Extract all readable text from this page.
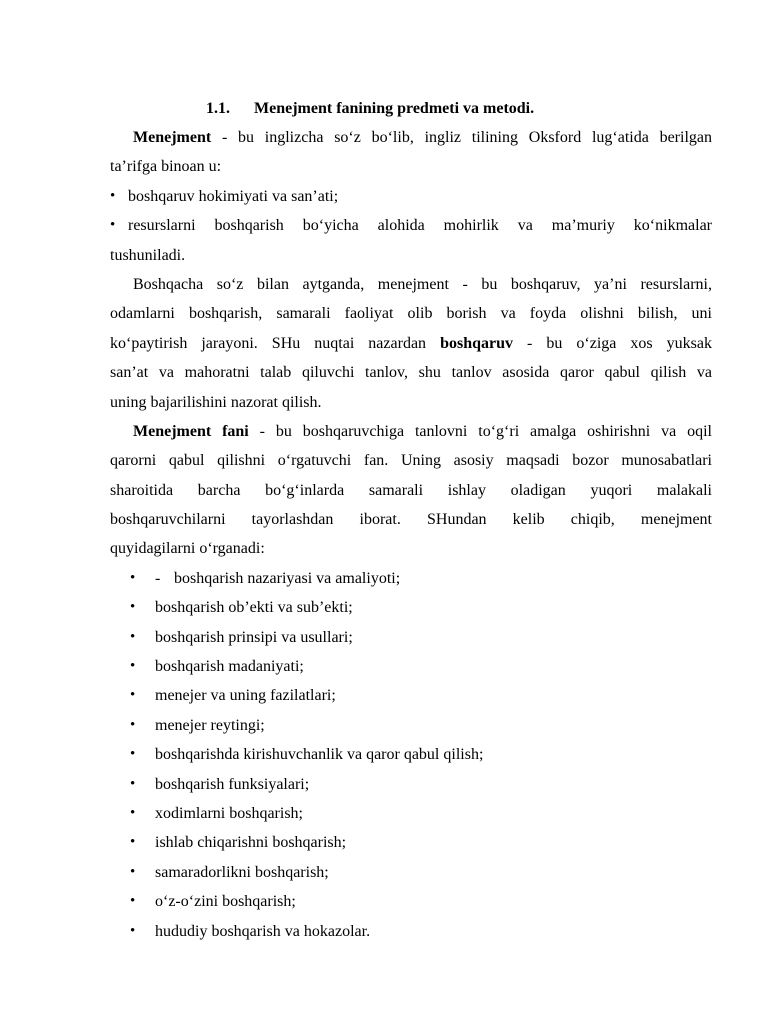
1.1. Menejment fanining predmeti va metodi.
Menejment - bu inglizcha so‘z bo‘lib, ingliz tilining Oksford lug‘atida berilgan
ta’rifga binoan u:
• boshqaruv hokimiyati va san’ati;
• resurslarni boshqarish bo‘yicha alohida mohirlik va ma’muriy ko‘nikmalar
tushuniladi.
Boshqacha so‘z bilan aytganda, menejment - bu boshqaruv, ya’ni resurslarni,
odamlarni boshqarish, samarali faoliyat olib borish va foyda olishni bilish, uni
ko‘paytirish jarayoni. SHu nuqtai nazardan boshqaruv - bu o‘ziga xos yuksak
san’at va mahoratni talab qiluvchi tanlov, shu tanlov asosida qaror qabul qilish va
uning bajarilishini nazorat qilish.
Menejment fani - bu boshqaruvchiga tanlovni to‘g‘ri amalga oshirishni va oqil
qarorni qabul qilishni o‘rgatuvchi fan. Uning asosiy maqsadi bozor munosabatlari
sharoitida barcha bo‘g‘inlarda samarali ishlay oladigan yuqori malakali
boshqaruvchilarni tayorlashdan iborat. SHundan kelib chiqib, menejment
quyidagilarni o‘rganadi:
• - boshqarish nazariyasi va amaliyoti;
• boshqarish ob’ekti va sub’ekti;
• boshqarish prinsipi va usullari;
• boshqarish madaniyati;
• menejer va uning fazilatlari;
• menejer reytingi;
• boshqarishda kirishuvchanlik va qaror qabul qilish;
• boshqarish funksiyalari;
• xodimlarni boshqarish;
• ishlab chiqarishni boshqarish;
• samaradorlikni boshqarish;
• o‘z-o‘zini boshqarish;
• hududiy boshqarish va hokazolar.
